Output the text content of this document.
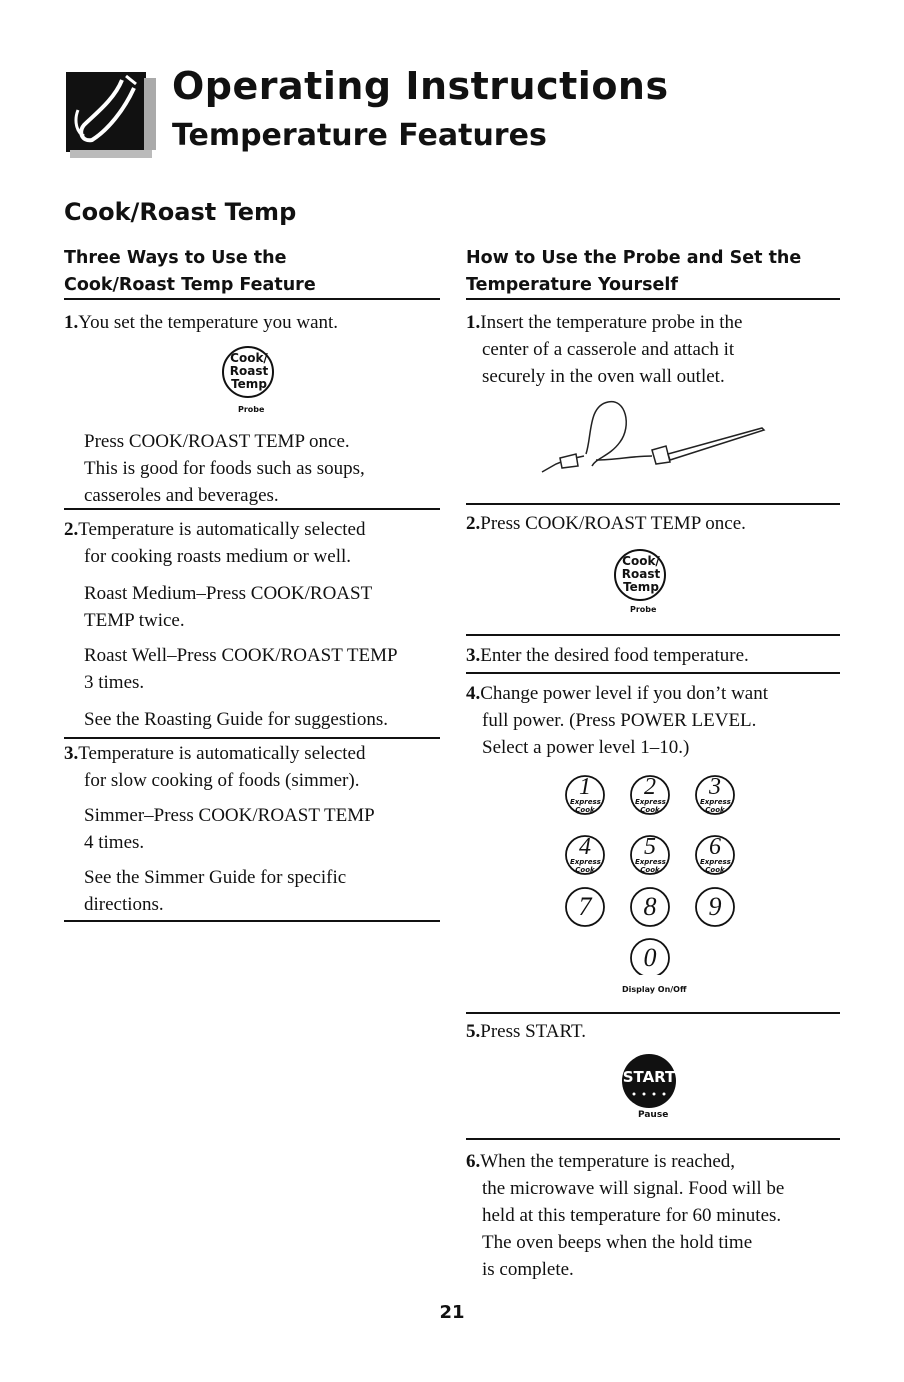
Operating Instructions
Temperature Features
Cook/Roast Temp
Three Ways to Use the
Cook/Roast Temp Feature
1.You set the temperature you want.
Cook/
Roast
Temp
Probe
Press COOK/ROAST TEMP once.
This is good for foods such as soups,
casseroles and beverages.
2.Temperature is automatically selected
for cooking roasts medium or well.
Roast Medium–Press COOK/ROAST
TEMP twice.
Roast Well–Press COOK/ROAST TEMP
3 times.
See the Roasting Guide for suggestions.
3.Temperature is automatically selected
for slow cooking of foods (simmer).
Simmer–Press COOK/ROAST TEMP
4 times.
See the Simmer Guide for specific
directions.
How to Use the Probe and Set the
Temperature Yourself
1.Insert the temperature probe in the
center of a casserole and attach it
securely in the oven wall outlet.
2.Press COOK/ROAST TEMP once.
Cook/
Roast
Temp
Probe
3.Enter the desired food temperature.
4.Change power level if you don’t want
full power. (Press POWER LEVEL.
Select a power level 1–10.)
1	2	3
4	5	6
7	8	9
0
Express
Cook
Express
Cook
Express
Cook
Express
Cook
Express
Cook
Express
Cook
Display On/Off
5.Press START.
START
Pause
6.When the temperature is reached,
the microwave will signal. Food will be
held at this temperature for 60 minutes.
The oven beeps when the hold time
is complete.
21
